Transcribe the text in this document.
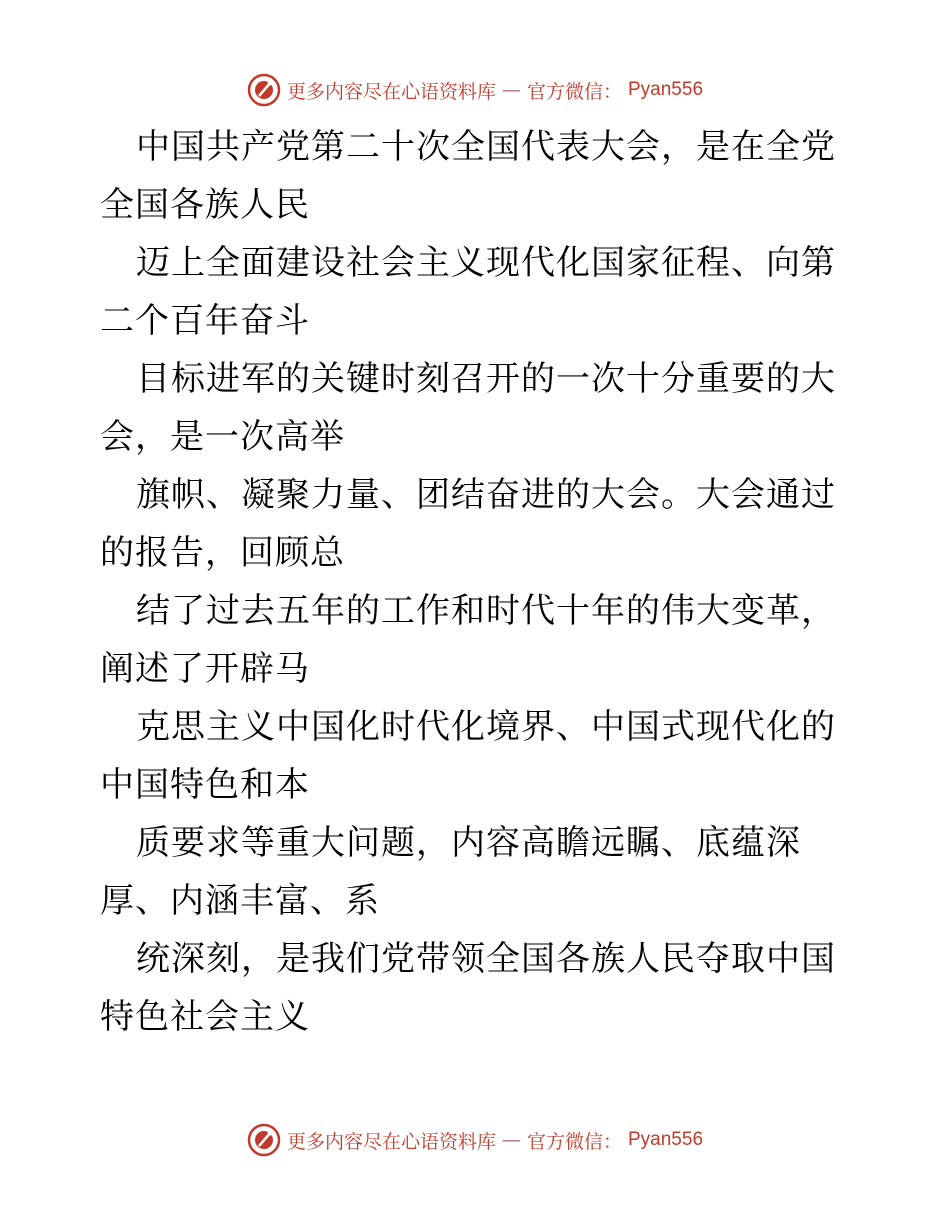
更多内容尽在心语资料库 — 官方微信： Pyan556

中国共产党第二十次全国代表大会，是在全党全国各族人民

迈上全面建设社会主义现代化国家征程、向第二个百年奋斗

目标进军的关键时刻召开的一次十分重要的大会，是一次高举

旗帜、凝聚力量、团结奋进的大会。大会通过的报告，回顾总

结了过去五年的工作和时代十年的伟大变革，阐述了开辟马

克思主义中国化时代化境界、中国式现代化的中国特色和本

质要求等重大问题，内容高瞻远瞩、底蕴深厚、内涵丰富、系

统深刻，是我们党带领全国各族人民夺取中国特色社会主义

更多内容尽在心语资料库 — 官方微信： Pyan556
